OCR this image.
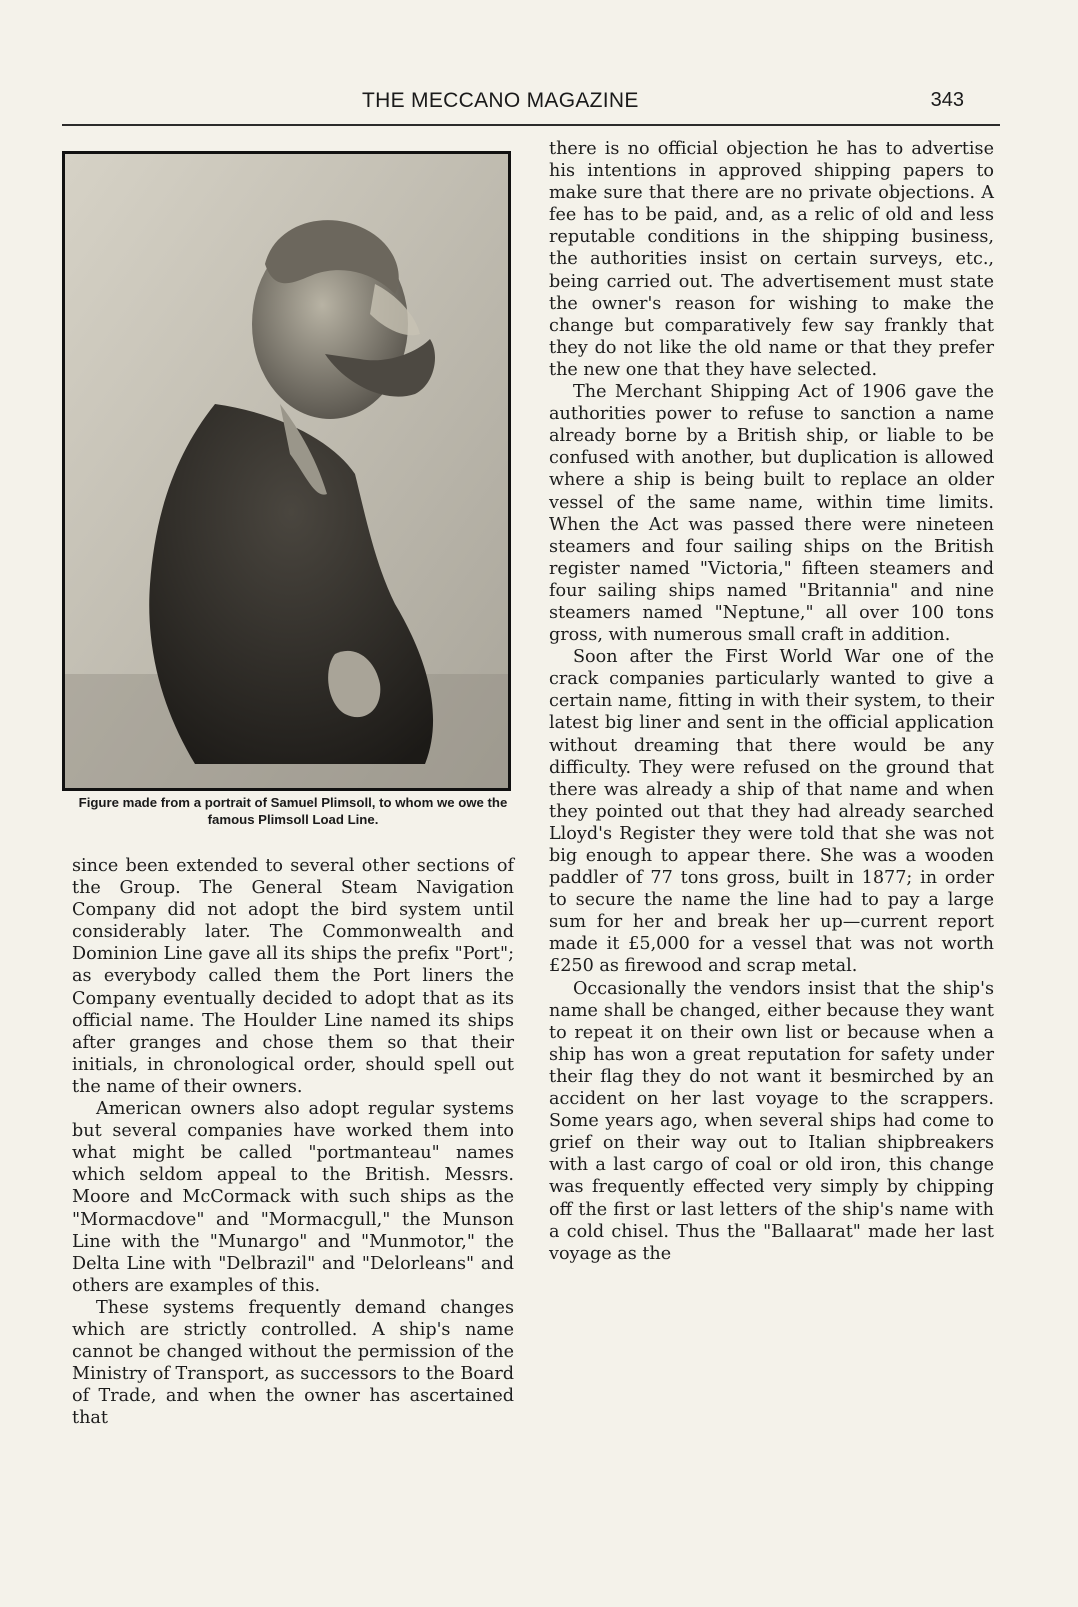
THE MECCANO MAGAZINE	343
Figure made from a portrait of Samuel Plimsoll, to whom we owe the famous Plimsoll Load Line.

since been extended to several other sections of the Group. The General Steam Navigation Company did not adopt the bird system until considerably later. The Commonwealth and Dominion Line gave all its ships the prefix "Port"; as everybody called them the Port liners the Company eventually decided to adopt that as its official name. The Houlder Line named its ships after granges and chose them so that their initials, in chronological order, should spell out the name of their owners.

American owners also adopt regular systems but several companies have worked them into what might be called "portmanteau" names which seldom appeal to the British. Messrs. Moore and McCormack with such ships as the "Mormacdove" and "Mormacgull," the Munson Line with the "Munargo" and "Munmotor," the Delta Line with "Delbrazil" and "Delorleans" and others are examples of this.

These systems frequently demand changes which are strictly controlled. A ship's name cannot be changed without the permission of the Ministry of Transport, as successors to the Board of Trade, and when the owner has ascertained that

there is no official objection he has to advertise his intentions in approved shipping papers to make sure that there are no private objections. A fee has to be paid, and, as a relic of old and less reputable conditions in the shipping business, the authorities insist on certain surveys, etc., being carried out. The advertisement must state the owner's reason for wishing to make the change but comparatively few say frankly that they do not like the old name or that they prefer the new one that they have selected.

The Merchant Shipping Act of 1906 gave the authorities power to refuse to sanction a name already borne by a British ship, or liable to be confused with another, but duplication is allowed where a ship is being built to replace an older vessel of the same name, within time limits. When the Act was passed there were nineteen steamers and four sailing ships on the British register named "Victoria," fifteen steamers and four sailing ships named "Britannia" and nine steamers named "Neptune," all over 100 tons gross, with numerous small craft in addition.

Soon after the First World War one of the crack companies particularly wanted to give a certain name, fitting in with their system, to their latest big liner and sent in the official application without dreaming that there would be any difficulty. They were refused on the ground that there was already a ship of that name and when they pointed out that they had already searched Lloyd's Register they were told that she was not big enough to appear there. She was a wooden paddler of 77 tons gross, built in 1877; in order to secure the name the line had to pay a large sum for her and break her up—current report made it £5,000 for a vessel that was not worth £250 as firewood and scrap metal.

Occasionally the vendors insist that the ship's name shall be changed, either because they want to repeat it on their own list or because when a ship has won a great reputation for safety under their flag they do not want it besmirched by an accident on her last voyage to the scrappers. Some years ago, when several ships had come to grief on their way out to Italian shipbreakers with a last cargo of coal or old iron, this change was frequently effected very simply by chipping off the first or last letters of the ship's name with a cold chisel. Thus the "Ballaarat" made her last voyage as the
